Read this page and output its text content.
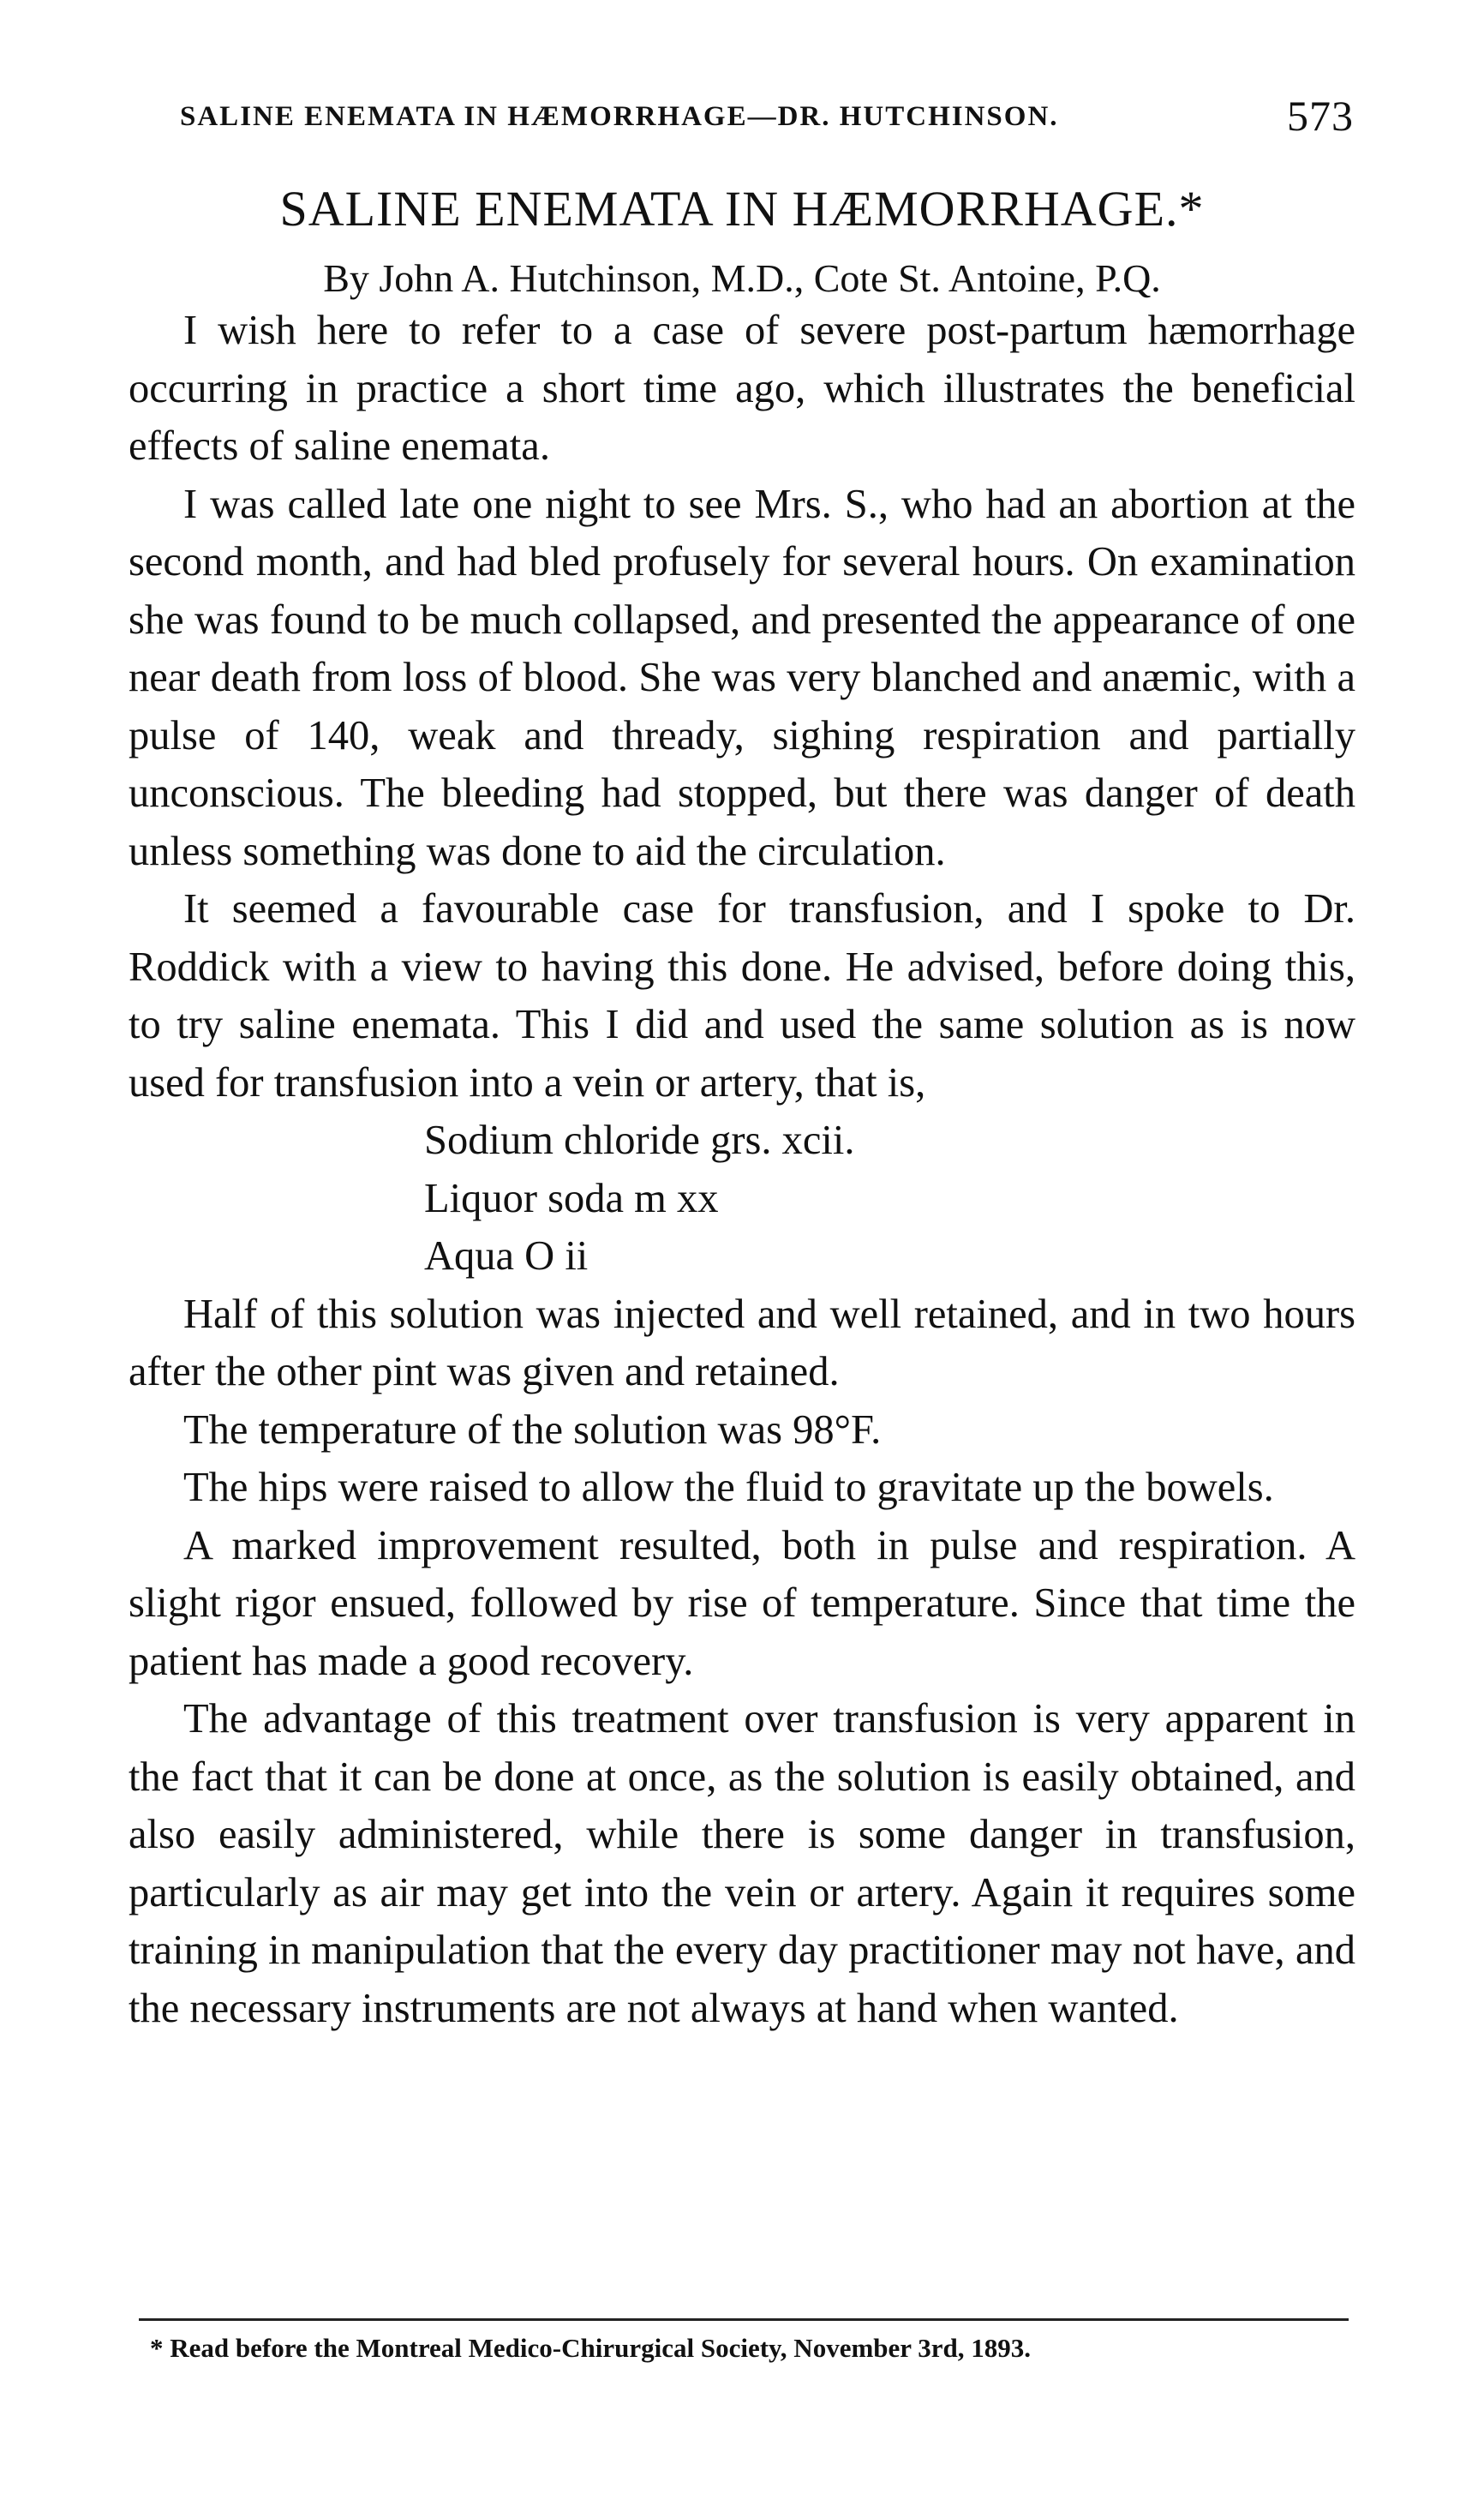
SALINE ENEMATA IN HÆMORRHAGE—DR. HUTCHINSON.	573
SALINE ENEMATA IN HÆMORRHAGE.*
By John A. Hutchinson, M.D., Cote St. Antoine, P.Q.

I wish here to refer to a case of severe post-partum hæmorrhage occurring in practice a short time ago, which illustrates the beneficial effects of saline enemata.

I was called late one night to see Mrs. S., who had an abortion at the second month, and had bled profusely for several hours. On examination she was found to be much collapsed, and presented the appearance of one near death from loss of blood. She was very blanched and anæmic, with a pulse of 140, weak and thready, sighing respiration and partially unconscious. The bleeding had stopped, but there was danger of death unless something was done to aid the circulation.

It seemed a favourable case for transfusion, and I spoke to Dr. Roddick with a view to having this done. He advised, before doing this, to try saline enemata. This I did and used the same solution as is now used for transfusion into a vein or artery, that is,

Sodium chloride grs. xcii.

Liquor soda m xx

Aqua O ii

Half of this solution was injected and well retained, and in two hours after the other pint was given and retained.

The temperature of the solution was 98°F.

The hips were raised to allow the fluid to gravitate up the bowels.

A marked improvement resulted, both in pulse and respiration. A slight rigor ensued, followed by rise of temperature. Since that time the patient has made a good recovery.

The advantage of this treatment over transfusion is very apparent in the fact that it can be done at once, as the solution is easily obtained, and also easily administered, while there is some danger in transfusion, particularly as air may get into the vein or artery. Again it requires some training in manipulation that the every day practitioner may not have, and the necessary instruments are not always at hand when wanted.

* Read before the Montreal Medico-Chirurgical Society, November 3rd, 1893.
